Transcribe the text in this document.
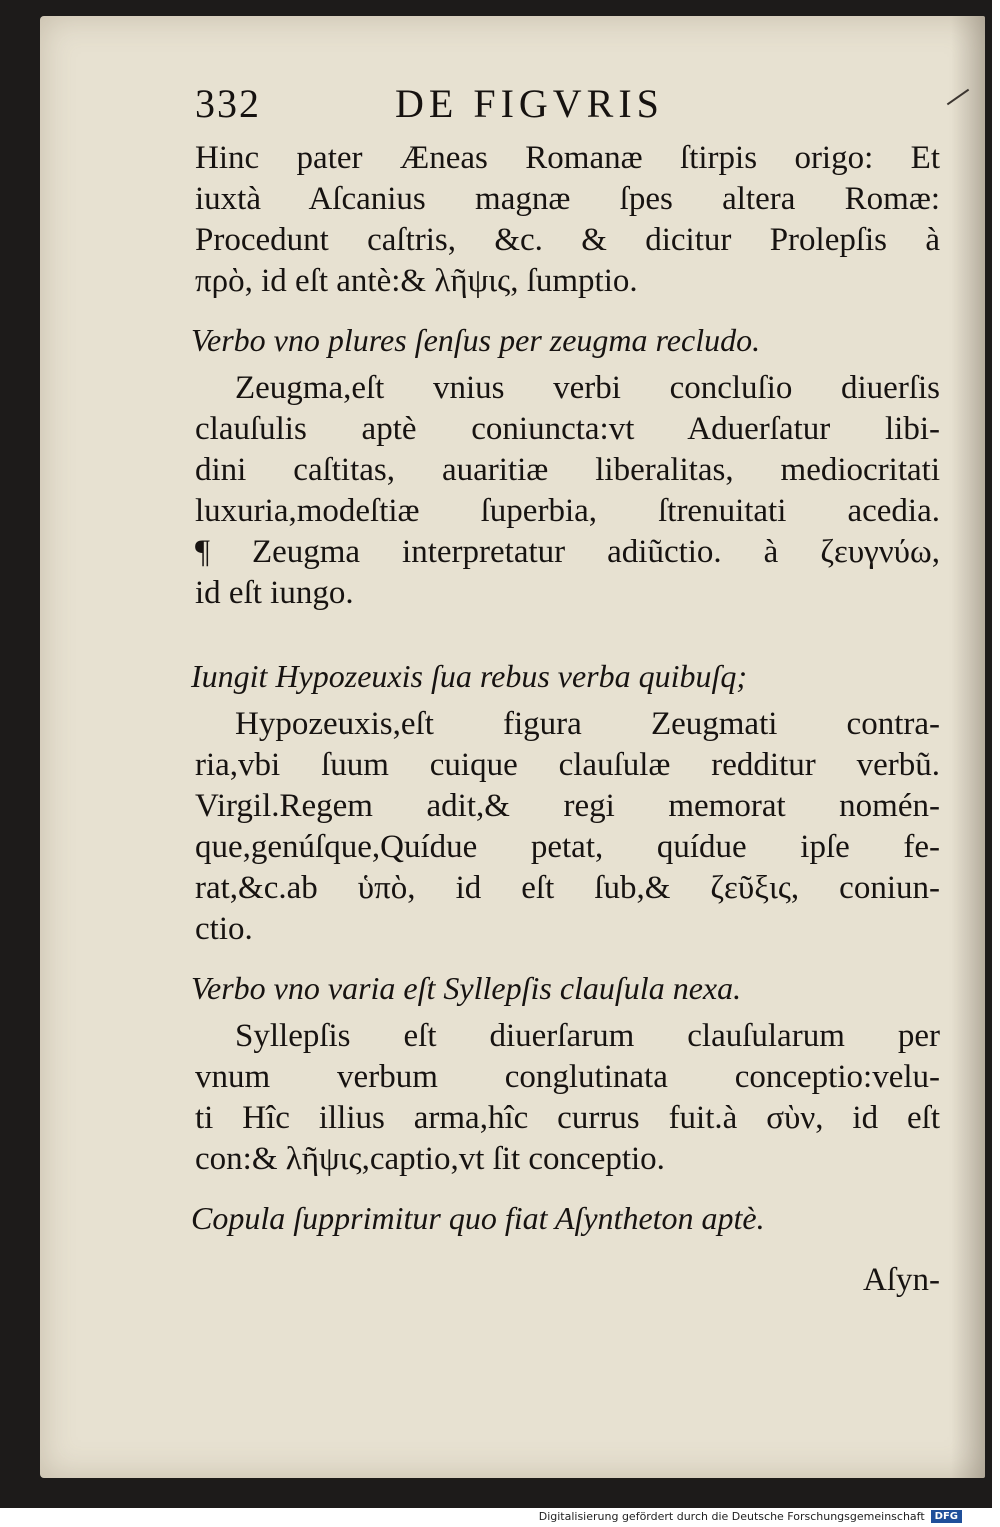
332	DE FIGVRIS
Hinc pater Æneas Romanæ ſtirpis origo: Et
iuxtà Aſcanius magnæ ſpes altera Romæ:
Procedunt caſtris, &c. & dicitur Prolepſis à
πρὸ, id eſt antè:& λῆψις, ſumptio.
Verbo vno plures ſenſus per zeugma recludo.
Zeugma,eſt vnius verbi concluſio diuerſis
clauſulis aptè coniuncta:vt Aduerſatur libi-
dini caſtitas, auaritiæ liberalitas, mediocritati
luxuria,modeſtiæ ſuperbia, ſtrenuitati acedia.
¶ Zeugma interpretatur adiũctio. à ζευγνύω,
id eſt iungo.
Iungit Hypozeuxis ſua rebus verba quibuſq;
Hypozeuxis,eſt figura Zeugmati contra-
ria,vbi ſuum cuique clauſulæ redditur verbũ.
Virgil.Regem adit,& regi memorat nomén-
que,genúſque,Quídue petat, quídue ipſe fe-
rat,&c.ab ὑπὸ, id eſt ſub,& ζεῦξις, coniun-
ctio.
Verbo vno varia eſt Syllepſis clauſula nexa.
Syllepſis eſt diuerſarum clauſularum per
vnum verbum conglutinata conceptio:velu-
ti Hîc illius arma,hîc currus fuit.à σὺν, id eſt
con:& λῆψις,captio,vt ſit conceptio.
Copula ſupprimitur quo fiat Aſyntheton aptè.
Aſyn-
Digitalisierung gefördert durch die Deutsche Forschungsgemeinschaft	DFG
